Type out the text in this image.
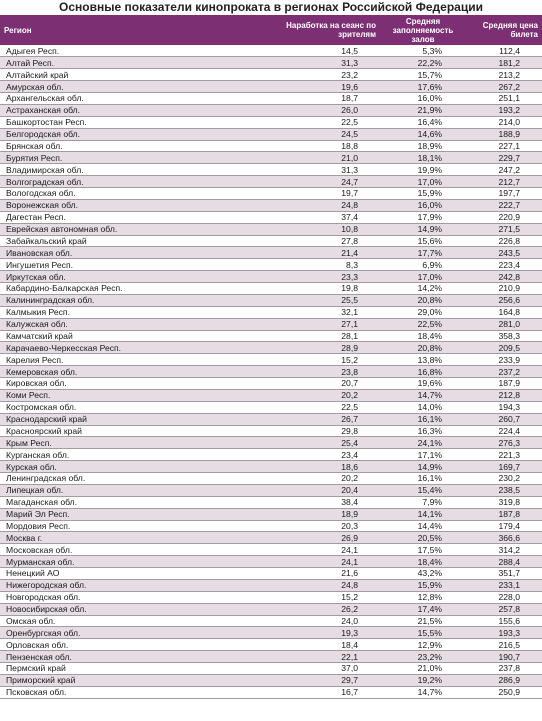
Основные показатели кинопроката в регионах Российской Федерации
Регион	Наработка на сеанс по зрителям	Средняя заполняемость залов	Средняя цена билета
Адыгея Респ.	14,5	5,3%	112,4
Алтай Респ.	31,3	22,2%	181,2
Алтайский край	23,2	15,7%	213,2
Амурская обл.	19,6	17,6%	267,2
Архангельская обл.	18,7	16,0%	251,1
Астраханская обл.	26,0	21,9%	193,2
Башкортостан Респ.	22,5	16,4%	214,0
Белгородская обл.	24,5	14,6%	188,9
Брянская обл.	18,8	18,9%	227,1
Бурятия Респ.	21,0	18,1%	229,7
Владимирская обл.	31,3	19,9%	247,2
Волгоградская обл.	24,7	17,0%	212,7
Вологодская обл.	19,7	15,9%	197,7
Воронежская обл.	24,8	16,0%	222,7
Дагестан Респ.	37,4	17,9%	220,9
Еврейская автономная обл.	10,8	14,9%	271,5
Забайкальский край	27,8	15,6%	226,8
Ивановская обл.	21,4	17,7%	243,5
Ингушетия Респ.	8,3	6,9%	223,4
Иркутская обл.	23,3	17,0%	242,8
Кабардино-Балкарская Респ.	19,8	14,2%	210,9
Калининградская обл.	25,5	20,8%	256,6
Калмыкия Респ.	32,1	29,0%	164,8
Калужская обл.	27,1	22,5%	281,0
Камчатский край	28,1	18,4%	358,3
Карачаево-Черкесская Респ.	28,9	20,8%	209,5
Карелия Респ.	15,2	13,8%	233,9
Кемеровская обл.	23,8	16,8%	237,2
Кировская обл.	20,7	19,6%	187,9
Коми Респ.	20,2	14,7%	212,8
Костромская обл.	22,5	14,0%	194,3
Краснодарский край	26,7	16,1%	260,7
Красноярский край	29,8	16,3%	224,4
Крым Респ.	25,4	24,1%	276,3
Курганская обл.	23,4	17,1%	221,3
Курская обл.	18,6	14,9%	169,7
Ленинградская обл.	20,2	16,1%	230,2
Липецкая обл.	20,4	15,4%	238,5
Магаданская обл.	38,4	7,9%	319,8
Марий Эл Респ.	18,9	14,1%	187,8
Мордовия Респ.	20,3	14,4%	179,4
Москва г.	26,9	20,5%	366,6
Московская обл.	24,1	17,5%	314,2
Мурманская обл.	24,1	18,4%	288,4
Ненецкий АО	21,6	43,2%	351,7
Нижегородская обл.	24,8	15,9%	233,1
Новгородская обл.	15,2	12,8%	228,0
Новосибирская обл.	26,2	17,4%	257,8
Омская обл.	24,0	21,5%	155,6
Оренбургская обл.	19,3	15,5%	193,3
Орловская обл.	18,4	12,9%	216,5
Пензенская обл.	22,1	23,2%	190,7
Пермский край	37,0	21,0%	237,8
Приморский край	29,7	19,2%	286,9
Псковская обл.	16,7	14,7%	250,9
